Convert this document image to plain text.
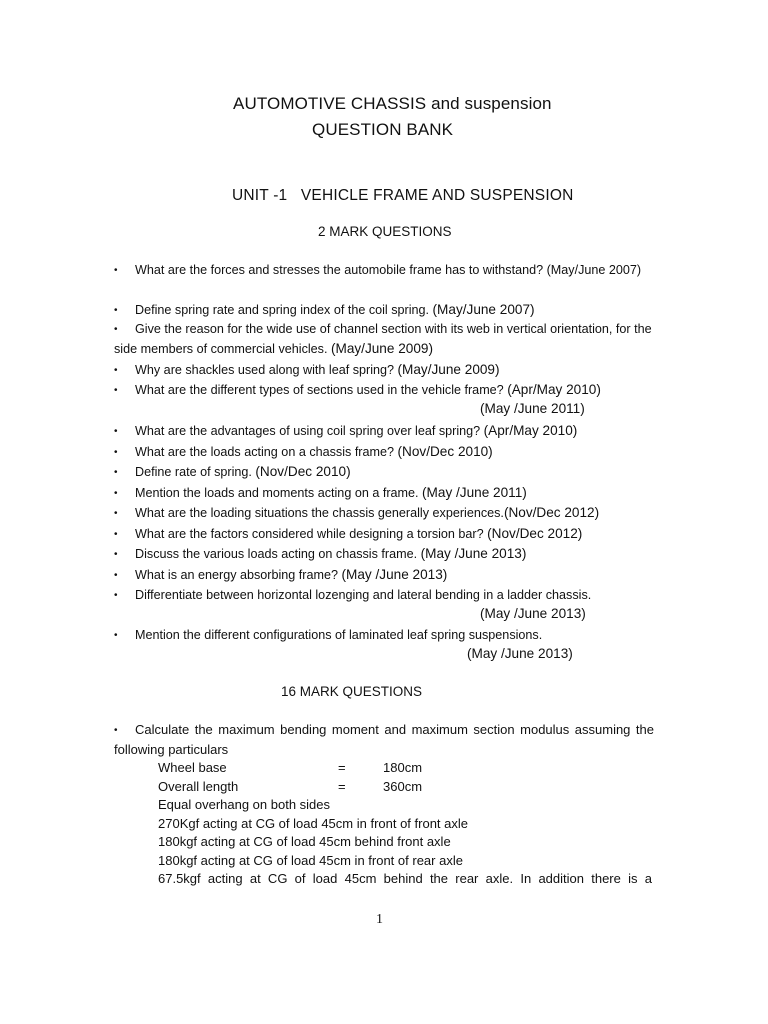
AUTOMOTIVE CHASSIS and suspension
QUESTION BANK
UNIT -1   VEHICLE FRAME AND SUSPENSION
2 MARK QUESTIONS
• What are the forces and stresses the automobile frame has to withstand? (May/June 2007)
• Define spring rate and spring index of the coil spring. (May/June 2007)
• Give the reason for the wide use of channel section with its web in vertical orientation, for the side members of commercial vehicles. (May/June 2009)
• Why are shackles used along with leaf spring? (May/June 2009)
• What are the different types of sections used in the vehicle frame? (Apr/May 2010)
(May /June 2011)
• What are the advantages of using coil spring over leaf spring? (Apr/May 2010)
• What are the loads acting on a chassis frame? (Nov/Dec 2010)
• Define rate of spring. (Nov/Dec 2010)
• Mention the loads and moments acting on a frame. (May /June 2011)
• What are the loading situations the chassis generally experiences.(Nov/Dec 2012)
• What are the factors considered while designing a torsion bar? (Nov/Dec 2012)
• Discuss the various loads acting on chassis frame. (May /June 2013)
• What is an energy absorbing frame? (May /June 2013)
• Differentiate between horizontal lozenging and lateral bending in a ladder chassis.
(May /June 2013)
• Mention the different configurations of laminated leaf spring suspensions.
(May /June 2013)
16 MARK QUESTIONS
• Calculate the maximum bending moment and maximum section modulus assuming the following particulars
Wheel base	=	180cm
Overall length	=	360cm
Equal overhang on both sides
270Kgf acting at CG of load 45cm in front of front axle
180kgf acting at CG of load 45cm behind front axle
180kgf acting at CG of load 45cm in front of rear axle
67.5kgf acting at CG of load 45cm behind the rear axle. In addition there is a
1
